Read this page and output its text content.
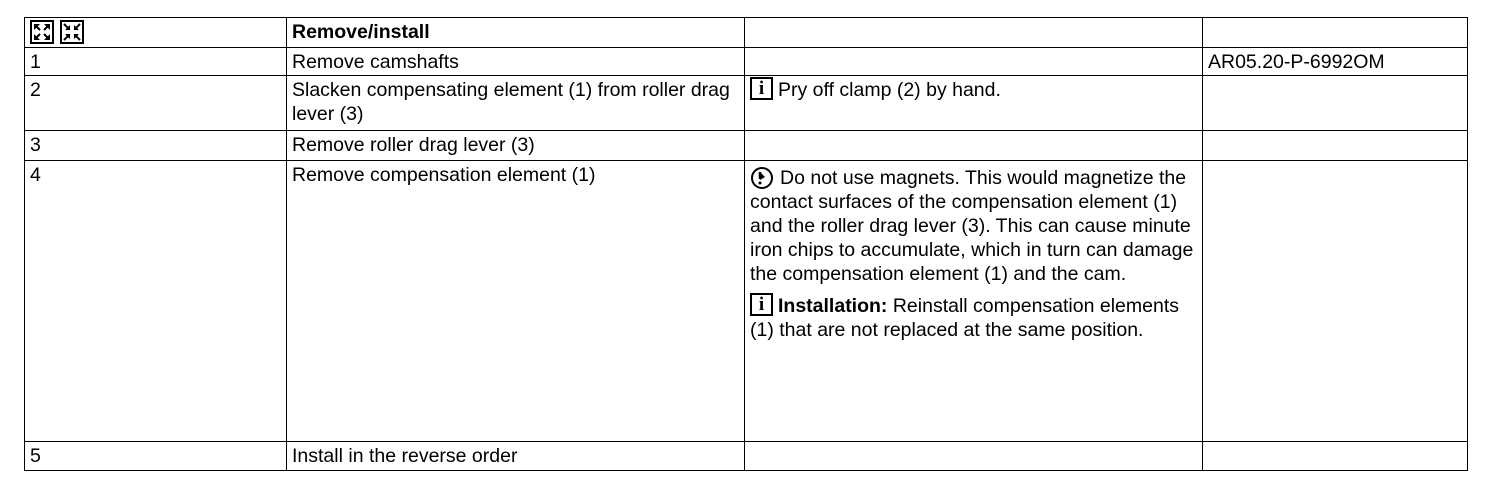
	Remove/install		
1	Remove camshafts		AR05.20-P-6992OM
2	Slacken compensating element (1) from roller drag lever (3)	i Pry off clamp (2) by hand.	
3	Remove roller drag lever (3)		
4	Remove compensation element (1)	Do not use magnets. This would magnetize the contact surfaces of the compensation element (1) and the roller drag lever (3). This can cause minute iron chips to accumulate, which in turn can damage the compensation element (1) and the cam.

i Installation: Reinstall compensation elements (1) that are not replaced at the same position.	

5	Install in the reverse order		
